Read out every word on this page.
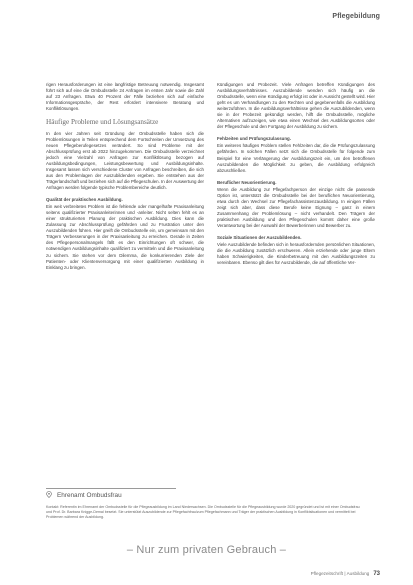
Pflegebildung

rigen Herausforderungen ist eine langfristige Betreuung notwendig. Insgesamt führt sich auf eine die Ombudsstelle 24 Anfragen im ersten Jahr sowie die Zahl auf 23 Anfragen. Etwa 40 Prozent der Fälle beziehen sich auf einfache Informationsgespräche, der Rest erfordert intensivere Beratung und Konfliktlösungen.

Häufige Probleme und Lösungsansätze

In den vier Jahren seit Gründung der Ombudsstelle haben sich die Problemlösungen in Teilen entsprechend dem Fortschreiten der Umsetzung des neuen Pflegeberufegesetzes verändert. So sind Probleme mit der Abschlussprüfung erst ab 2022 hinzugekommen. Die Ombudsstelle verzeichnet jedoch eine Vielzahl von Anfragen zur Konfliktlösung bezogen auf Ausbildungsbedingungen, Leistungsbewertung und Ausbildungsinhalte. Insgesamt lassen sich verschiedene Cluster von Anfragen beschreiben, die sich aus den Problemlagen der Auszubildenden ergeben. Sie entstehen aus der Trägerlandschaft und beziehen sich auf die Pflegeschulen. In der Auswertung der Anfragen werden folgende typische Problembereiche deutlich.

Qualität der praktischen Ausbildung.

Ein weit verbreitetes Problem ist die fehlende oder mangelhafte Praxisanleitung seitens qualifizierter Praxisanleiterinnen und -anleiter. Nicht selten fehlt es an einer strukturierten Planung der praktischen Ausbildung. Dies kann die Zulassung zur Abschlussprüfung gefährden und zu Frustration unter den Auszubildenden führen. Hier greift die Ombudsstelle ein, um gemeinsam mit den Trägern Verbesserungen in der Praxisanleitung zu erreichen. Gerade in Zeiten des Pflegepersonalmangels fällt es den Einrichtungen oft schwer, die notwendigen Ausbildungsinhalte qualifiziert zu vermitteln und die Praxisanleitung zu sichern. Sie stehen vor dem Dilemma, die konkurrierenden Ziele der Patienten- oder Klientenversorgung mit einer qualifizierten Ausbildung in Einklang zu bringen.

Kündigungen und Probezeit. Viele Anfragen betreffen Kündigungen des Ausbildungsverhältnisses. Auszubildende wenden sich häufig an die Ombudsstelle, wenn eine Kündigung erfolgt ist oder in Aussicht gestellt wird. Hier geht es um Verhandlungen zu den Rechten und gegebenenfalls die Ausbildung weiterzuführen. In die Ausbildungsverhältnisse gehen die Auszubildenden, wenn sie in der Probezeit gekündigt werden, hilft die Ombudsstelle, mögliche Alternativen aufzuzeigen, wie etwa einen Wechsel des Ausbildungsortes oder der Pflegeschule und den Fortgang der Ausbildung zu sichern.

Fehlzeiten und Prüfungszulassung.

Ein weiteres häufiges Problem stellen Fehlzeiten dar, die die Prüfungszulassung gefährden. In solchen Fällen setzt sich die Ombudsstelle für folgende zum Beispiel für eine Verlängerung der Ausbildungszeit ein, um den betroffenen Auszubildenden die Möglichkeit zu geben, die Ausbildung erfolgreich abzuschließen.

Beruflicher Neuorientierung.

Wenn die Ausbildung zur Pflegefachperson der einzige nicht die passende Option ist, unterstützt die Ombudsstelle bei der beruflichen Neuorientierung, etwa durch den Wechsel zur Pflegefachassistenzausbildung. In einigen Fällen zeigt sich aber, dass diese Berufe keine Eignung – ganz in einem Zusammenhang der Problemlösung – nicht verhandelt. Den Trägern der praktischen Ausbildung und den Pflegeschulen kommt daher eine große Verantwortung bei der Auswahl der Bewerberinnen und Bewerber zu.

Soziale Situationen der Auszubildenden.

Viele Auszubildende befinden sich in herausfordernden persönlichen Situationen, die die Ausbildung zusätzlich erschweren. Allein erziehende oder junge Eltern haben Schwierigkeiten, die Kinderbetreuung mit den Ausbildungszeiten zu vereinbaren. Ebenso gilt dies für Auszubildende, die auf öffentliche Ver-

Ehrenamt Ombudsfrau
Kontakt: Referentin im Ehrenamt der Ombudsstelle für die Pflegeausbildung im Land Niedersachsen. Die Ombudsstelle für die Pflegeausbildung wurde 2020 gegründet und ist mit einer Ombudsfrau und Prof. Dr. Barbara Knigge-Demal besetzt. Sie unterstützt Auszubildende zur Pflegefachfrau/zum Pflegefachmann und Träger der praktischen Ausbildung in Konfliktsituationen und vermittelt bei Problemen während der Ausbildung.
– Nur zum privaten Gebrauch –
Pflegezeitschrift | Ausbildung 73
